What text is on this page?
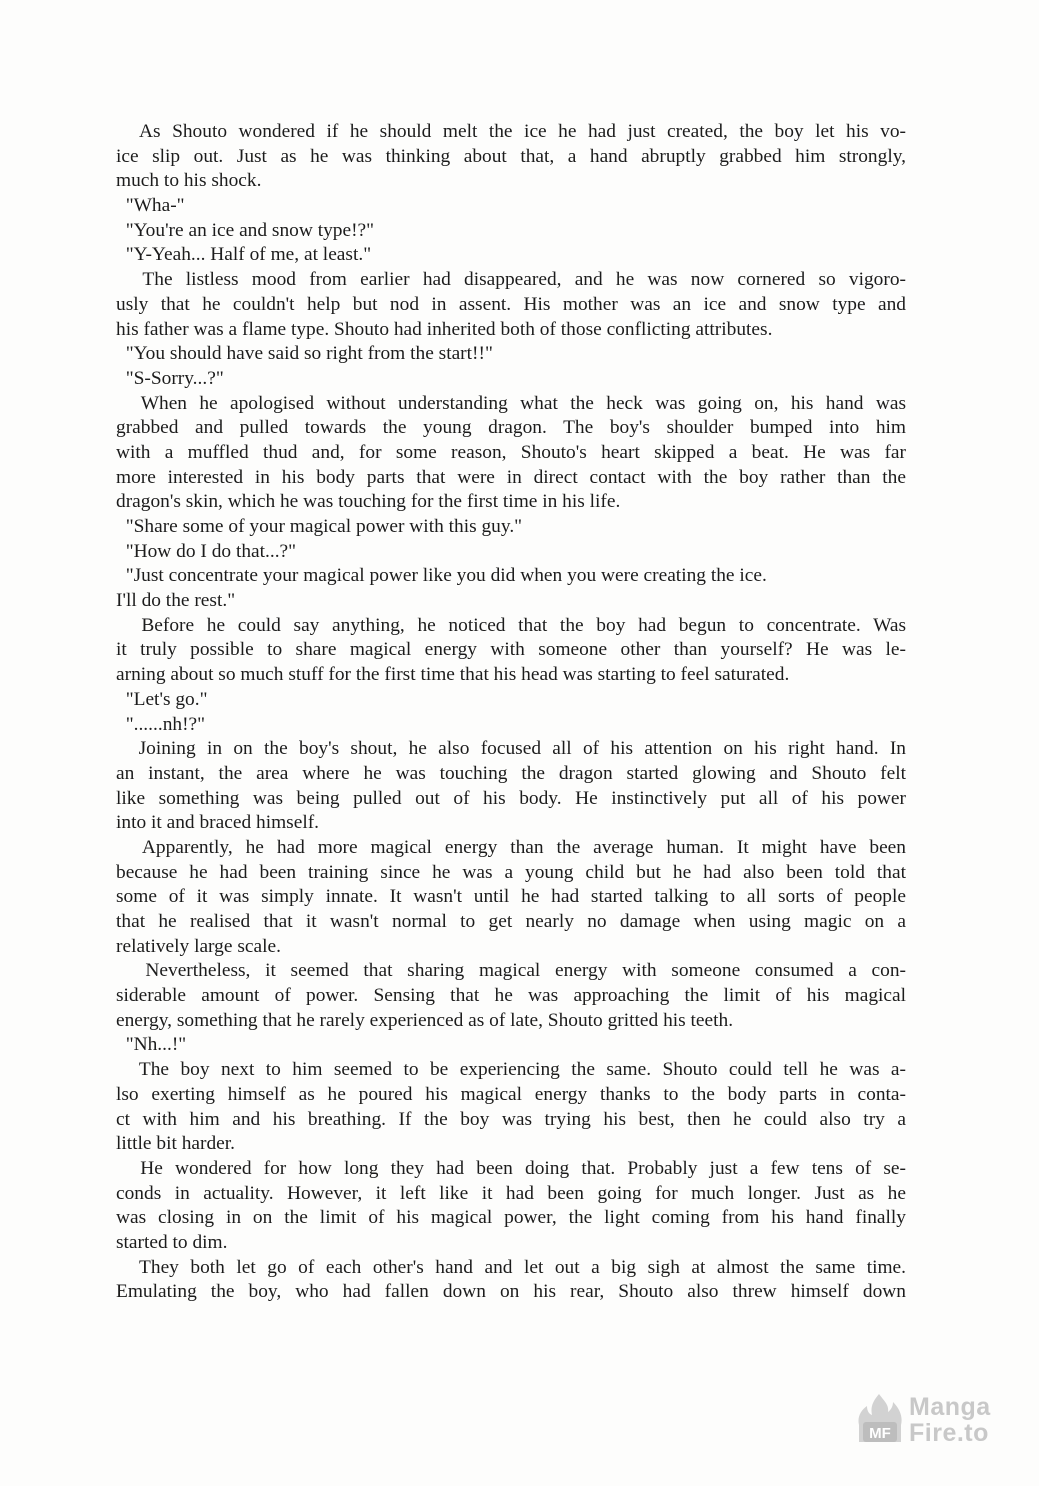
As Shouto wondered if he should melt the ice he had just created, the boy let his vo-
ice slip out. Just as he was thinking about that, a hand abruptly grabbed him strongly,
much to his shock.
"Wha-"
"You're an ice and snow type!?"
"Y-Yeah... Half of me, at least."
The listless mood from earlier had disappeared, and he was now cornered so vigoro-
usly that he couldn't help but nod in assent. His mother was an ice and snow type and
his father was a flame type. Shouto had inherited both of those conflicting attributes.
"You should have said so right from the start!!"
"S-Sorry...?"
When he apologised without understanding what the heck was going on, his hand was
grabbed and pulled towards the young dragon. The boy's shoulder bumped into him
with a muffled thud and, for some reason, Shouto's heart skipped a beat. He was far
more interested in his body parts that were in direct contact with the boy rather than the
dragon's skin, which he was touching for the first time in his life.
"Share some of your magical power with this guy."
"How do I do that...?"
"Just concentrate your magical power like you did when you were creating the ice.
I'll do the rest."
Before he could say anything, he noticed that the boy had begun to concentrate. Was
it truly possible to share magical energy with someone other than yourself? He was le-
arning about so much stuff for the first time that his head was starting to feel saturated.
"Let's go."
"......nh!?"
Joining in on the boy's shout, he also focused all of his attention on his right hand. In
an instant, the area where he was touching the dragon started glowing and Shouto felt
like something was being pulled out of his body. He instinctively put all of his power
into it and braced himself.
Apparently, he had more magical energy than the average human. It might have been
because he had been training since he was a young child but he had also been told that
some of it was simply innate. It wasn't until he had started talking to all sorts of people
that he realised that it wasn't normal to get nearly no damage when using magic on a
relatively large scale.
Nevertheless, it seemed that sharing magical energy with someone consumed a con-
siderable amount of power. Sensing that he was approaching the limit of his magical
energy, something that he rarely experienced as of late, Shouto gritted his teeth.
"Nh...!"
The boy next to him seemed to be experiencing the same. Shouto could tell he was a-
lso exerting himself as he poured his magical energy thanks to the body parts in conta-
ct with him and his breathing. If the boy was trying his best, then he could also try a
little bit harder.
He wondered for how long they had been doing that. Probably just a few tens of se-
conds in actuality. However, it left like it had been going for much longer. Just as he
was closing in on the limit of his magical power, the light coming from his hand finally
started to dim.
They both let go of each other's hand and let out a big sigh at almost the same time.
Emulating the boy, who had fallen down on his rear, Shouto also threw himself down
MF
Manga
Fire.to
